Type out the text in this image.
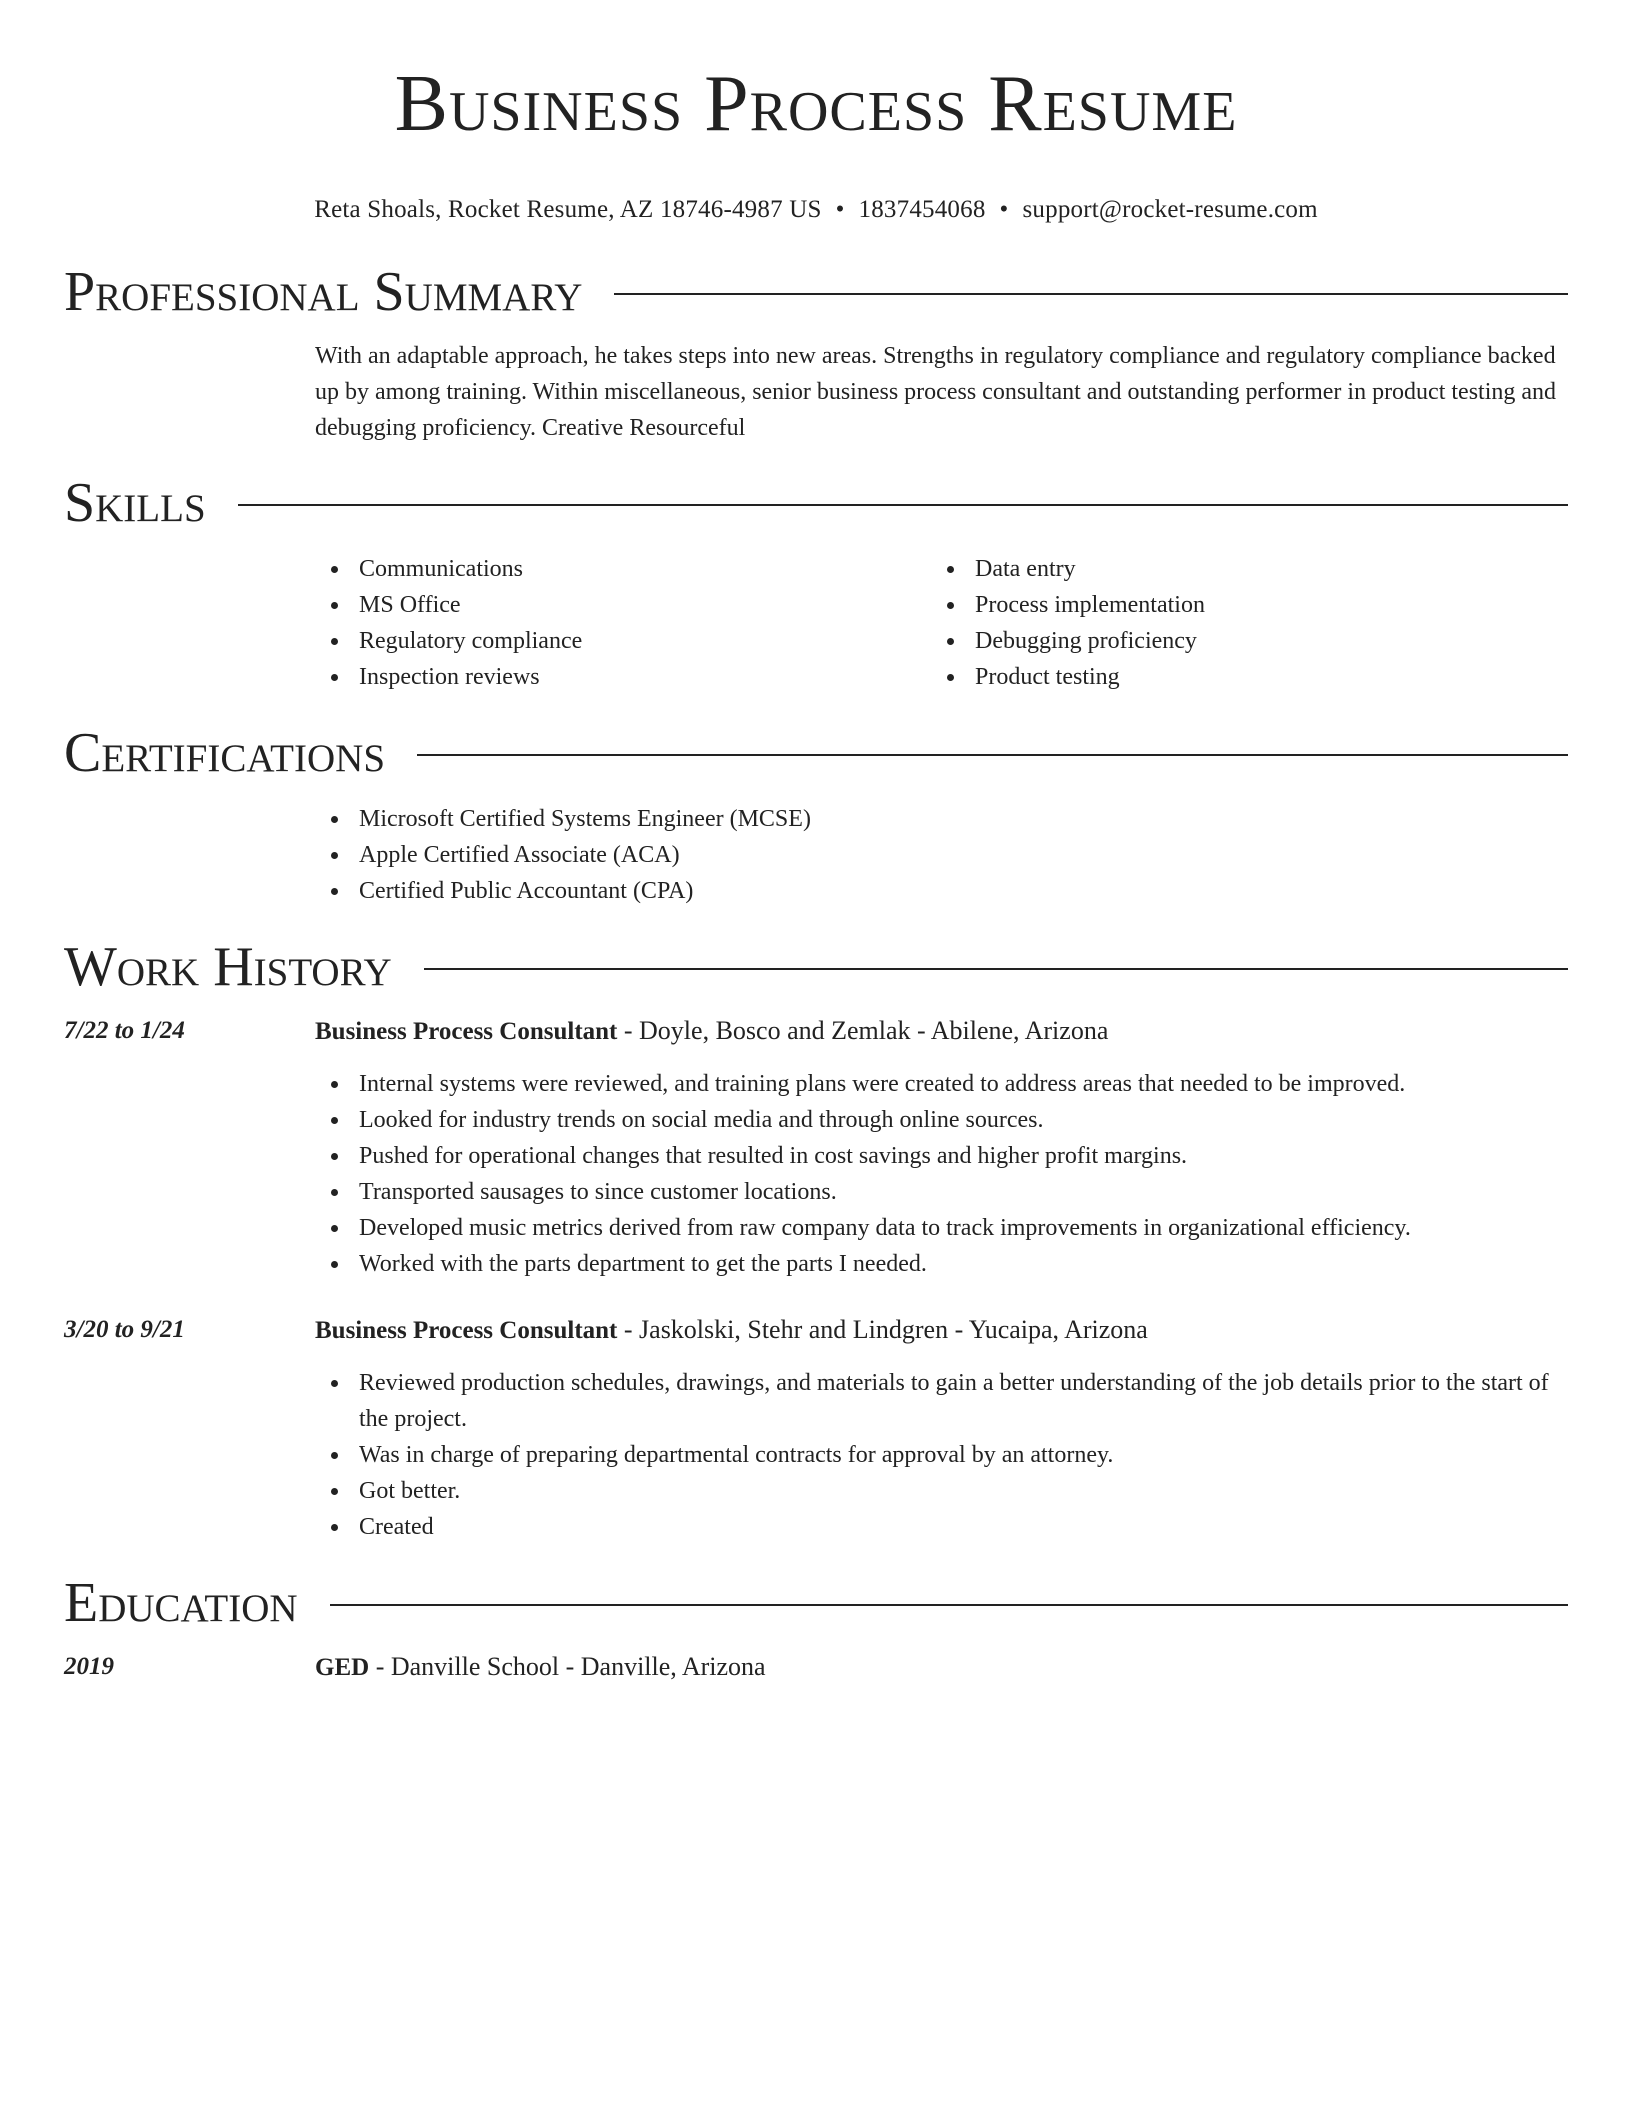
Business Process Resume
Reta Shoals, Rocket Resume, AZ 18746-4987 US • 1837454068 • support@rocket-resume.com
Professional Summary
With an adaptable approach, he takes steps into new areas. Strengths in regulatory compliance and regulatory compliance backed up by among training. Within miscellaneous, senior business process consultant and outstanding performer in product testing and debugging proficiency. Creative Resourceful
Skills
Communications
MS Office
Regulatory compliance
Inspection reviews
Data entry
Process implementation
Debugging proficiency
Product testing
Certifications
Microsoft Certified Systems Engineer (MCSE)
Apple Certified Associate (ACA)
Certified Public Accountant (CPA)
Work History
7/22 to 1/24	Business Process Consultant - Doyle, Bosco and Zemlak - Abilene, Arizona
Internal systems were reviewed, and training plans were created to address areas that needed to be improved.
Looked for industry trends on social media and through online sources.
Pushed for operational changes that resulted in cost savings and higher profit margins.
Transported sausages to since customer locations.
Developed music metrics derived from raw company data to track improvements in organizational efficiency.
Worked with the parts department to get the parts I needed.
3/20 to 9/21	Business Process Consultant - Jaskolski, Stehr and Lindgren - Yucaipa, Arizona
Reviewed production schedules, drawings, and materials to gain a better understanding of the job details prior to the start of the project.
Was in charge of preparing departmental contracts for approval by an attorney.
Got better.
Created
Education
2019	GED - Danville School - Danville, Arizona
